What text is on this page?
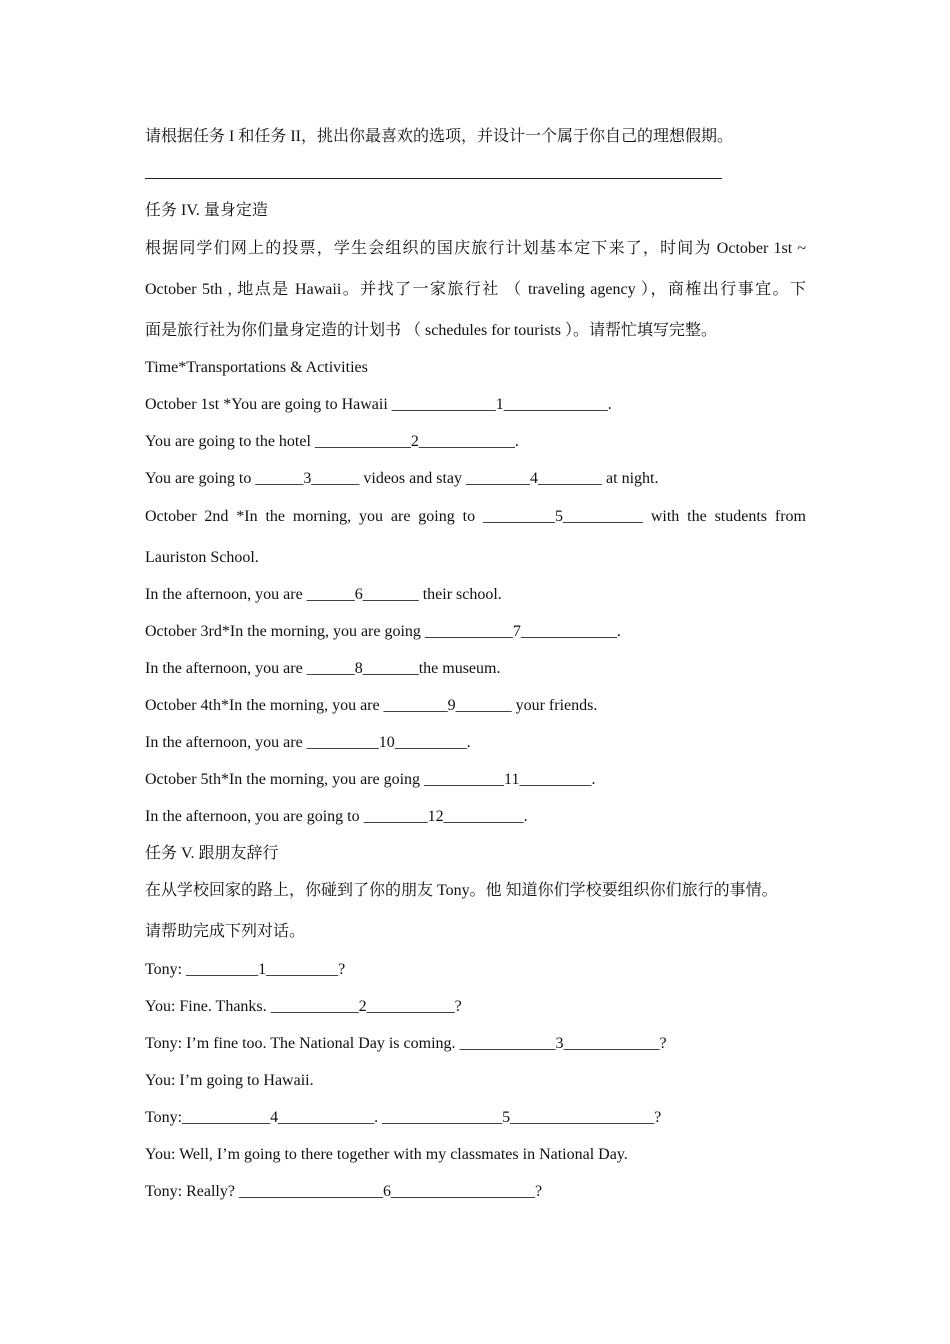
请根据任务 I 和任务 II，挑出你最喜欢的选项，并设计一个属于你自己的理想假期。
任务 IV. 量身定造
根据同学们网上的投票，学生会组织的国庆旅行计划基本定下来了，时间为 October 1st ~
October 5th , 地点是 Hawaii。并找了一家旅行社 （ traveling agency ），商榷出行事宜。下
面是旅行社为你们量身定造的计划书 （ schedules for tourists ）。请帮忙填写完整。
Time*Transportations & Activities
October 1st *You are going to Hawaii _____________1_____________.
You are going to the hotel ____________2____________.
You are going to ______3______ videos and stay ________4________ at night.
October 2nd *In the morning, you are going to _________5__________ with the students from
Lauriston School.
In the afternoon, you are ______6_______ their school.
October 3rd*In the morning, you are going ___________7____________.
In the afternoon, you are ______8_______the museum.
October 4th*In the morning, you are ________9_______ your friends.
In the afternoon, you are _________10_________.
October 5th*In the morning, you are going __________11_________.
In the afternoon, you are going to ________12__________.
任务 V. 跟朋友辞行
在从学校回家的路上，你碰到了你的朋友 Tony。他 知道你们学校要组织你们旅行的事情。
请帮助完成下列对话。
Tony: _________1_________?
You: Fine. Thanks. ___________2___________?
Tony: I’m fine too. The National Day is coming. ____________3____________?
You: I’m going to Hawaii.
Tony:___________4____________. _______________5__________________?
You: Well, I’m going to there together with my classmates in National Day.
Tony: Really? __________________6__________________?
